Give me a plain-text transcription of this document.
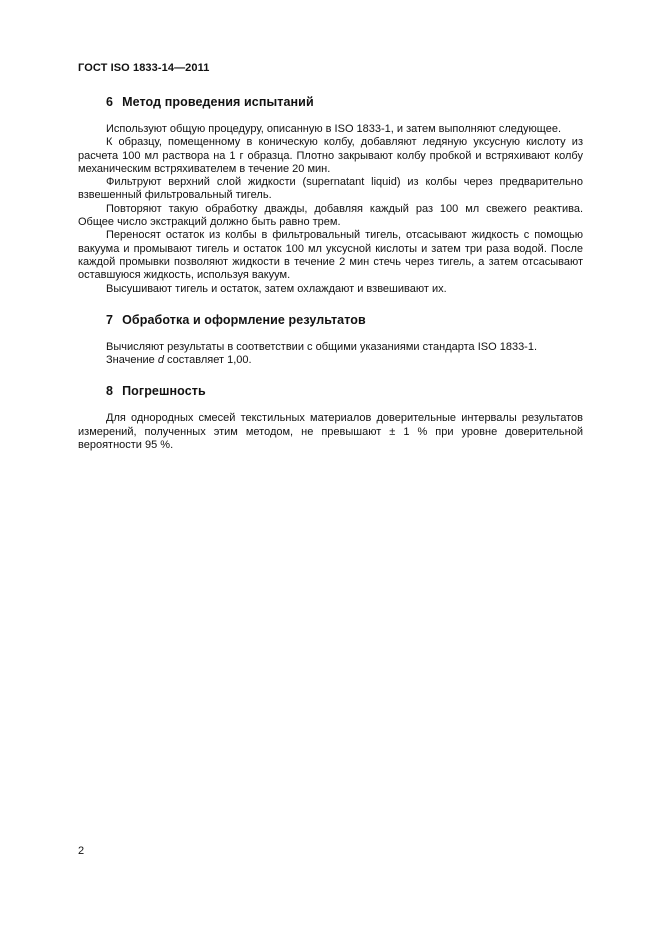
ГОСТ ISO 1833-14—2011
6 Метод проведения испытаний

Используют общую процедуру, описанную в ISO 1833-1, и затем выполняют следующее.

К образцу, помещенному в коническую колбу, добавляют ледяную уксусную кислоту из расчета 100 мл раствора на 1 г образца. Плотно закрывают колбу пробкой и встряхивают колбу механическим встряхивателем в течение 20 мин.

Фильтруют верхний слой жидкости (supernatant liquid) из колбы через предварительно взвешенный фильтровальный тигель.

Повторяют такую обработку дважды, добавляя каждый раз 100 мл свежего реактива. Общее число экстракций должно быть равно трем.

Переносят остаток из колбы в фильтровальный тигель, отсасывают жидкость с помощью вакуума и промывают тигель и остаток 100 мл уксусной кислоты и затем три раза водой. После каждой промывки позволяют жидкости в течение 2 мин стечь через тигель, а затем отсасывают оставшуюся жидкость, используя вакуум.

Высушивают тигель и остаток, затем охлаждают и взвешивают их.

7 Обработка и оформление результатов

Вычисляют результаты в соответствии с общими указаниями стандарта ISO 1833-1.

Значение d составляет 1,00.

8 Погрешность

Для однородных смесей текстильных материалов доверительные интервалы результатов измерений, полученных этим методом, не превышают ± 1 % при уровне доверительной вероятности 95 %.

2
